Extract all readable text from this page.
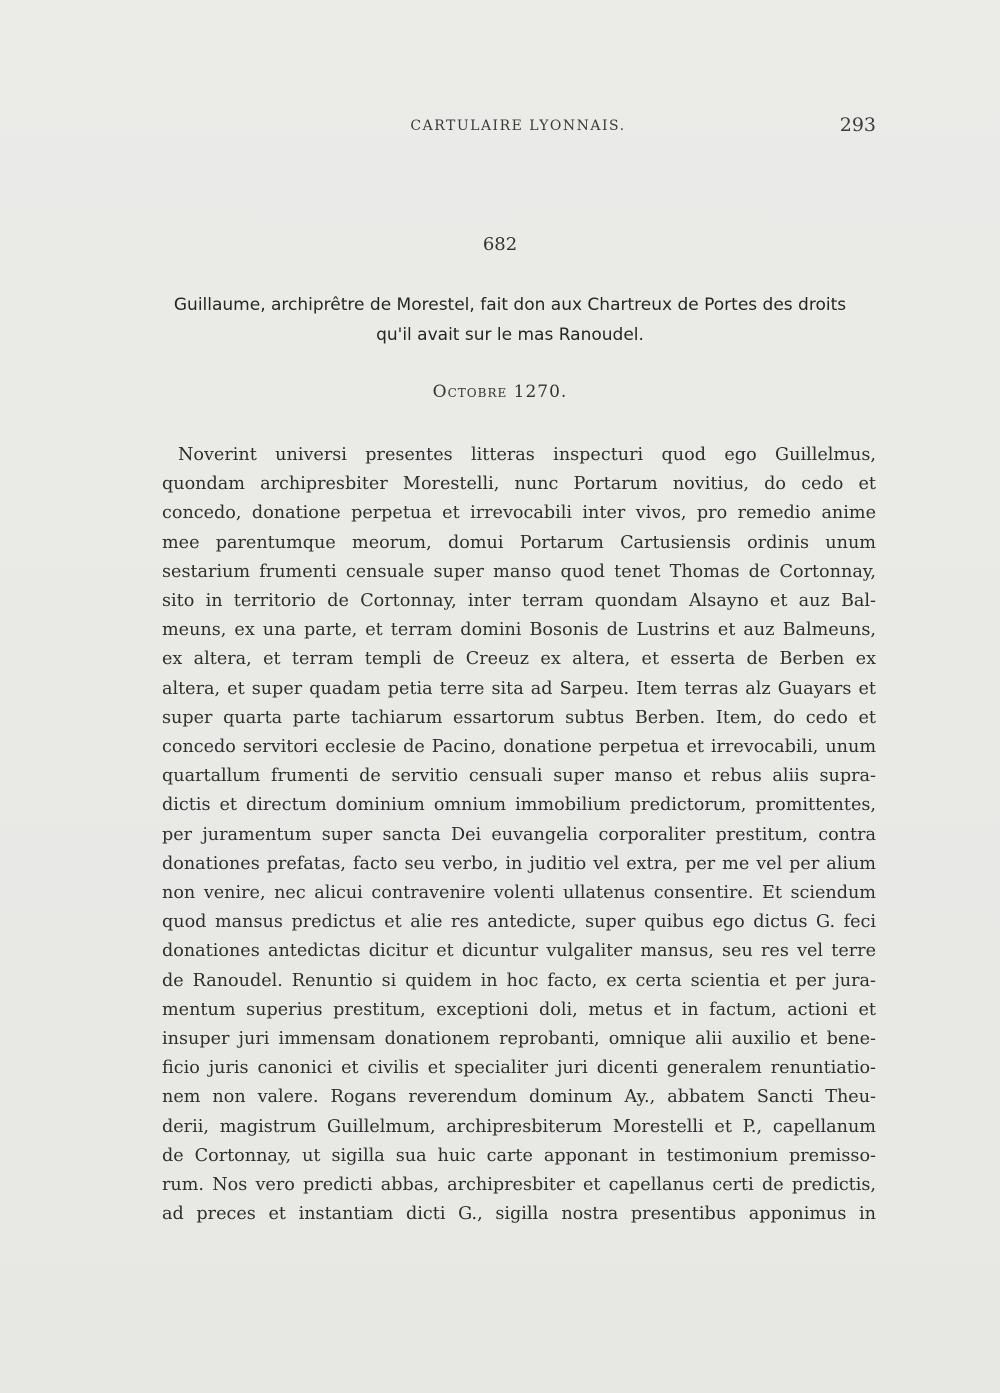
CARTULAIRE LYONNAIS.	293
682
Guillaume, archiprêtre de Morestel, fait don aux Chartreux de Portes des droits
qu'il avait sur le mas Ranoudel.
Octobre 1270.
Noverint universi presentes litteras inspecturi quod ego Guillelmus,
quondam archipresbiter Morestelli, nunc Portarum novitius, do cedo et
concedo, donatione perpetua et irrevocabili inter vivos, pro remedio anime
mee parentumque meorum, domui Portarum Cartusiensis ordinis unum
sestarium frumenti censuale super manso quod tenet Thomas de Cortonnay,
sito in territorio de Cortonnay, inter terram quondam Alsayno et auz Bal-
meuns, ex una parte, et terram domini Bosonis de Lustrins et auz Balmeuns,
ex altera, et terram templi de Creeuz ex altera, et esserta de Berben ex
altera, et super quadam petia terre sita ad Sarpeu. Item terras alz Guayars et
super quarta parte tachiarum essartorum subtus Berben. Item, do cedo et
concedo servitori ecclesie de Pacino, donatione perpetua et irrevocabili, unum
quartallum frumenti de servitio censuali super manso et rebus aliis supra-
dictis et directum dominium omnium immobilium predictorum, promittentes,
per juramentum super sancta Dei euvangelia corporaliter prestitum, contra
donationes prefatas, facto seu verbo, in juditio vel extra, per me vel per alium
non venire, nec alicui contravenire volenti ullatenus consentire. Et sciendum
quod mansus predictus et alie res antedicte, super quibus ego dictus G. feci
donationes antedictas dicitur et dicuntur vulgaliter mansus, seu res vel terre
de Ranoudel. Renuntio si quidem in hoc facto, ex certa scientia et per jura-
mentum superius prestitum, exceptioni doli, metus et in factum, actioni et
insuper juri immensam donationem reprobanti, omnique alii auxilio et bene-
ficio juris canonici et civilis et specialiter juri dicenti generalem renuntiatio-
nem non valere. Rogans reverendum dominum Ay., abbatem Sancti Theu-
derii, magistrum Guillelmum, archipresbiterum Morestelli et P., capellanum
de Cortonnay, ut sigilla sua huic carte apponant in testimonium premisso-
rum. Nos vero predicti abbas, archipresbiter et capellanus certi de predictis,
ad preces et instantiam dicti G., sigilla nostra presentibus apponimus in
